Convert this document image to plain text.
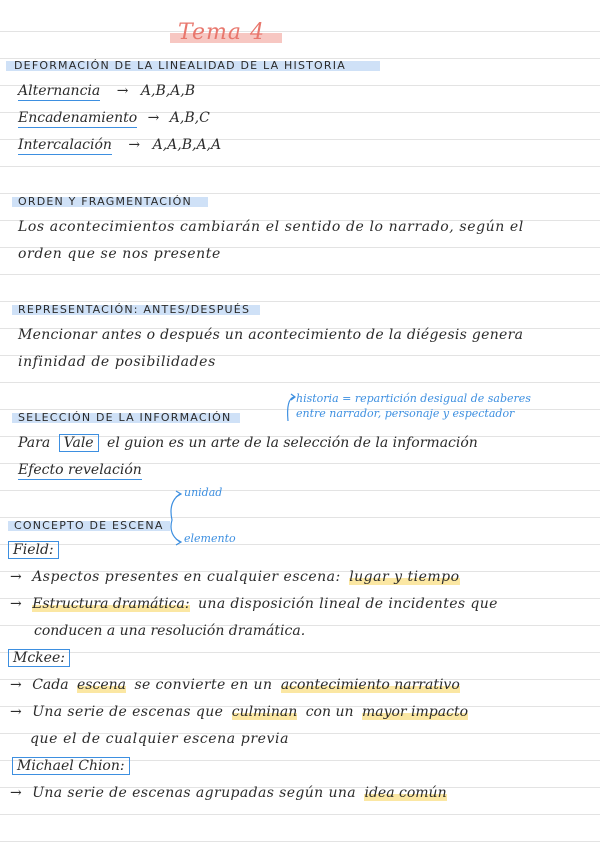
Tema 4
DEFORMACIÓN DE LA LINEALIDAD DE LA HISTORIA
Alternancia → A,B,A,B
Encadenamiento → A,B,C
Intercalación → A,A,B,A,A
ORDEN Y FRAGMENTACIÓN
Los acontecimientos cambiarán el sentido de lo narrado, según el
orden que se nos presente
REPRESENTACIÓN: ANTES/DESPUÉS
Mencionar antes o después un acontecimiento de la diégesis genera
infinidad de posibilidades
historia = repartición desigual de saberes
entre narrador, personaje y espectador
SELECCIÓN DE LA INFORMACIÓN
Para Vale el guion es un arte de la selección de la información
Efecto revelación
CONCEPTO DE ESCENA
unidad
elemento
Field:
→ Aspectos presentes en cualquier escena: lugar y tiempo
→ Estructura dramática: una disposición lineal de incidentes que
conducen a una resolución dramática.
Mckee:
→ Cada escena se convierte en un acontecimiento narrativo
→ Una serie de escenas que culminan con un mayor impacto
que el de cualquier escena previa
Michael Chion:
→ Una serie de escenas agrupadas según una idea común
